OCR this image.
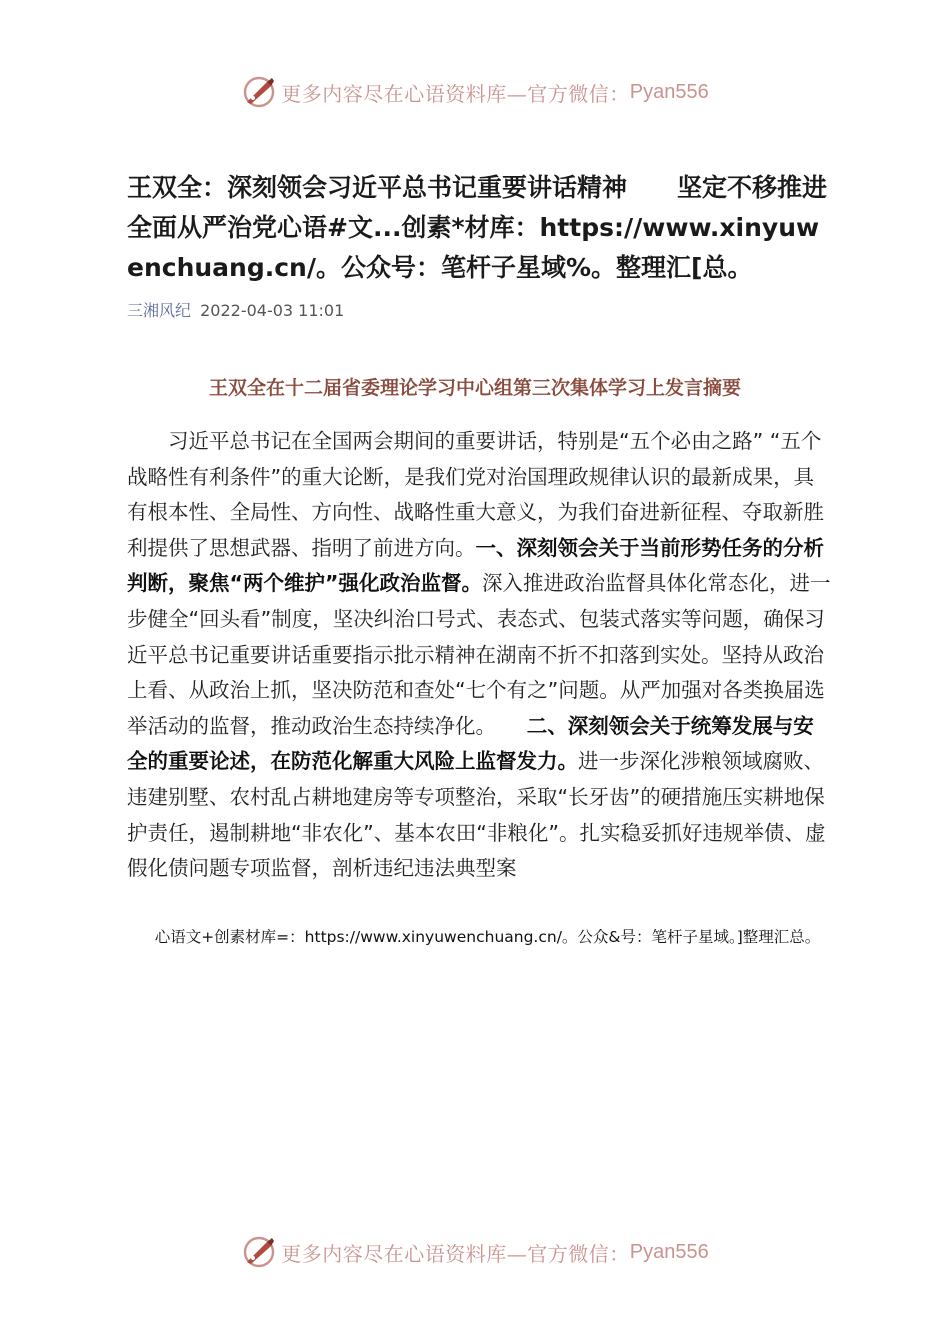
更多内容尽在心语资料库—官方微信： Pyan556
王双全：深刻领会习近平总书记重要讲话精神　　坚定不移推进全面从严治党心语#文...创素*材库：https://www.xinyuwenchuang.cn/。公众号：笔杆子星域%。整理汇[总。
三湘风纪 2022-04-03 11:01
王双全在十二届省委理论学习中心组第三次集体学习上发言摘要

习近平总书记在全国两会期间的重要讲话，特别是“五个必由之路” “五个战略性有利条件”的重大论断，是我们党对治国理政规律认识的最新成果，具有根本性、全局性、方向性、战略性重大意义，为我们奋进新征程、夺取新胜利提供了思想武器、指明了前进方向。一、深刻领会关于当前形势任务的分析判断，聚焦“两个维护”强化政治监督。深入推进政治监督具体化常态化，进一步健全“回头看”制度，坚决纠治口号式、表态式、包装式落实等问题，确保习近平总书记重要讲话重要指示批示精神在湖南不折不扣落到实处。坚持从政治上看、从政治上抓，坚决防范和查处“七个有之”问题。从严加强对各类换届选举活动的监督，推动政治生态持续净化。　　二、深刻领会关于统筹发展与安全的重要论述，在防范化解重大风险上监督发力。进一步深化涉粮领域腐败、违建别墅、农村乱占耕地建房等专项整治，采取“长牙齿”的硬措施压实耕地保护责任，遏制耕地“非农化”、基本农田“非粮化”。扎实稳妥抓好违规举债、虚假化债问题专项监督，剖析违纪违法典型案

心语文+创素材库=：https://www.xinyuwenchuang.cn/。公众&号：笔杆子星域。]整理汇总。
更多内容尽在心语资料库—官方微信： Pyan556
